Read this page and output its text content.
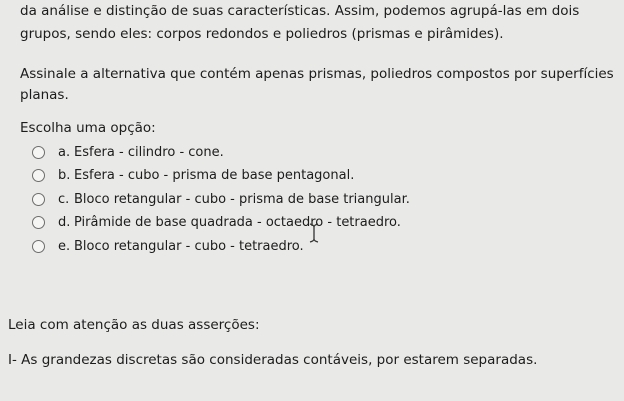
da análise e distinção de suas características. Assim, podemos agrupá-las em dois grupos, sendo eles: corpos redondos e poliedros (prismas e pirâmides).

Assinale a alternativa que contém apenas prismas, poliedros compostos por superfícies planas.

Escolha uma opção:
a. Esfera - cilindro - cone.
b. Esfera - cubo - prisma de base pentagonal.
c. Bloco retangular - cubo - prisma de base triangular.
d. Pirâmide de base quadrada - octaedro - tetraedro.
e. Bloco retangular - cubo - tetraedro.
Leia com atenção as duas asserções:
I- As grandezas discretas são consideradas contáveis, por estarem separadas.
